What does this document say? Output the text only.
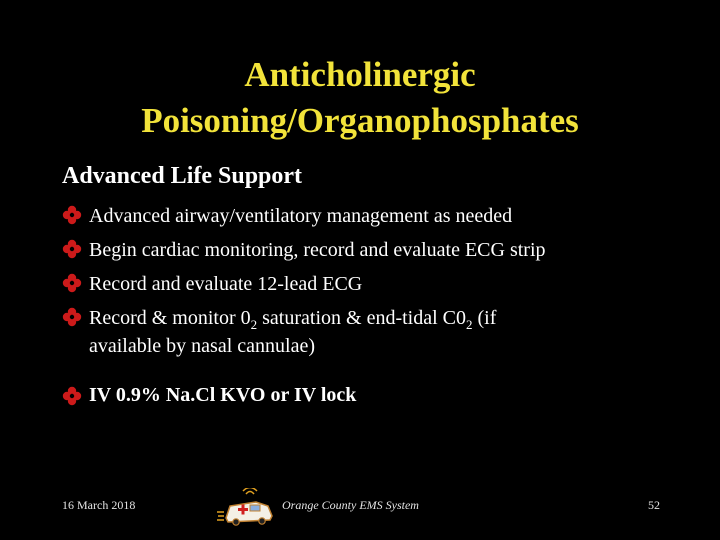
Anticholinergic
Poisoning/Organophosphates
Advanced Life Support
Advanced airway/ventilatory management as needed
Begin cardiac monitoring, record and evaluate ECG strip
Record and evaluate 12-lead ECG
Record & monitor $0_2$ saturation & end-tidal $C0_2$ (if
available by nasal cannulae)
IV 0.9% Na.Cl KVO or IV lock
16 March 2018	Orange County EMS System	52
